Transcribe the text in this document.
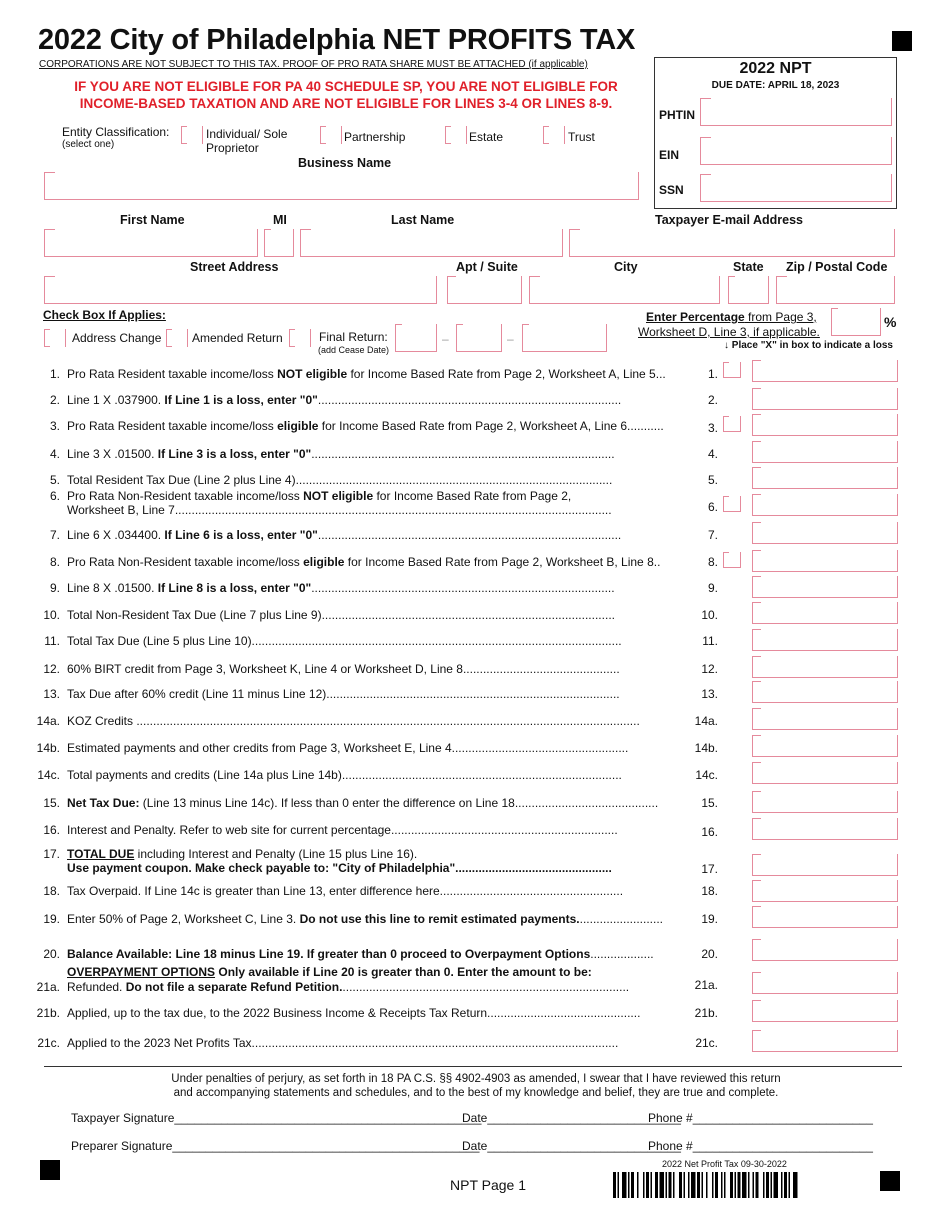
2022 City of Philadelphia NET PROFITS TAX
CORPORATIONS ARE NOT SUBJECT TO THIS TAX. PROOF OF PRO RATA SHARE MUST BE ATTACHED (if applicable)
IF YOU ARE NOT ELIGIBLE FOR PA 40 SCHEDULE SP, YOU ARE NOT ELIGIBLE FOR
INCOME-BASED TAXATION AND ARE NOT ELIGIBLE FOR LINES 3-4 OR LINES 8-9.
2022 NPT
DUE DATE: APRIL 18, 2023
PHTIN
EIN
SSN
Entity Classification:
(select one)
Individual/ Sole
Proprietor
Partnership	Estate	Trust
Business Name
First Name	MI	Last Name	Taxpayer E-mail Address
Street Address	Apt / Suite	City	State Zip / Postal Code
Check Box If Applies:
Address Change	Amended Return	Final Return:
(add Cease Date)
–	–
Enter Percentage from Page 3,
Worksheet D, Line 3, if applicable.
%
↓ Place "X" in box to indicate a loss
1. Pro Rata Resident taxable income/loss NOT eligible for Income Based Rate from Page 2, Worksheet A, Line 5...	1.
2. Line 1 X .037900. If Line 1 is a loss, enter "0"...........................................................................................	2.
3. Pro Rata Resident taxable income/loss eligible for Income Based Rate from Page 2, Worksheet A, Line 6...........	3.
4. Line 3 X .01500. If Line 3 is a loss, enter "0"...........................................................................................	4.
5. Total Resident Tax Due (Line 2 plus Line 4)...............................................................................................	5.
6. Pro Rata Non-Resident taxable income/loss NOT eligible for Income Based Rate from Page 2,
Worksheet B, Line 7...................................................................................................................................	6.
7. Line 6 X .034400. If Line 6 is a loss, enter "0"...........................................................................................	7.
8. Pro Rata Non-Resident taxable income/loss eligible for Income Based Rate from Page 2, Worksheet B, Line 8..	8.
9. Line 8 X .01500. If Line 8 is a loss, enter "0"...........................................................................................	9.
10. Total Non-Resident Tax Due (Line 7 plus Line 9)........................................................................................	10.
11. Total Tax Due (Line 5 plus Line 10)...............................................................................................................	11.
12. 60% BIRT credit from Page 3, Worksheet K, Line 4 or Worksheet D, Line 8...............................................	12.
13. Tax Due after 60% credit (Line 11 minus Line 12)........................................................................................	13.
14a. KOZ Credits .......................................................................................................................................................	14a.
14b. Estimated payments and other credits from Page 3, Worksheet E, Line 4.....................................................	14b.
14c. Total payments and credits (Line 14a plus Line 14b)....................................................................................	14c.
15. Net Tax Due: (Line 13 minus Line 14c). If less than 0 enter the difference on Line 18...........................................	15.
16. Interest and Penalty. Refer to web site for current percentage....................................................................	16.
17. TOTAL DUE including Interest and Penalty (Line 15 plus Line 16).
Use payment coupon. Make check payable to: "City of Philadelphia"...............................................	17.
18. Tax Overpaid. If Line 14c is greater than Line 13, enter difference here.......................................................	18.
19. Enter 50% of Page 2, Worksheet C, Line 3. Do not use this line to remit estimated payments..........................	19.
20. Balance Available: Line 18 minus Line 19. If greater than 0 proceed to Overpayment Options...................	20.
OVERPAYMENT OPTIONS Only available if Line 20 is greater than 0. Enter the amount to be:
21a. Refunded. Do not file a separate Refund Petition.......................................................................................	21a.
21b. Applied, up to the tax due, to the 2022 Business Income & Receipts Tax Return..............................................	21b.
21c. Applied to the 2023 Net Profits Tax..............................................................................................................	21c.
Under penalties of perjury, as set forth in 18 PA C.S. §§ 4902-4903 as amended, I swear that I have reviewed this return
and accompanying statements and schedules, and to the best of my knowledge and belief, they are true and complete.
Taxpayer Signature______________________________________________
Date_____________________________
Phone #___________________________
Preparer Signature______________________________________________
Date_____________________________
Phone #___________________________
2022 Net Profit Tax 09-30-2022
NPT Page 1
